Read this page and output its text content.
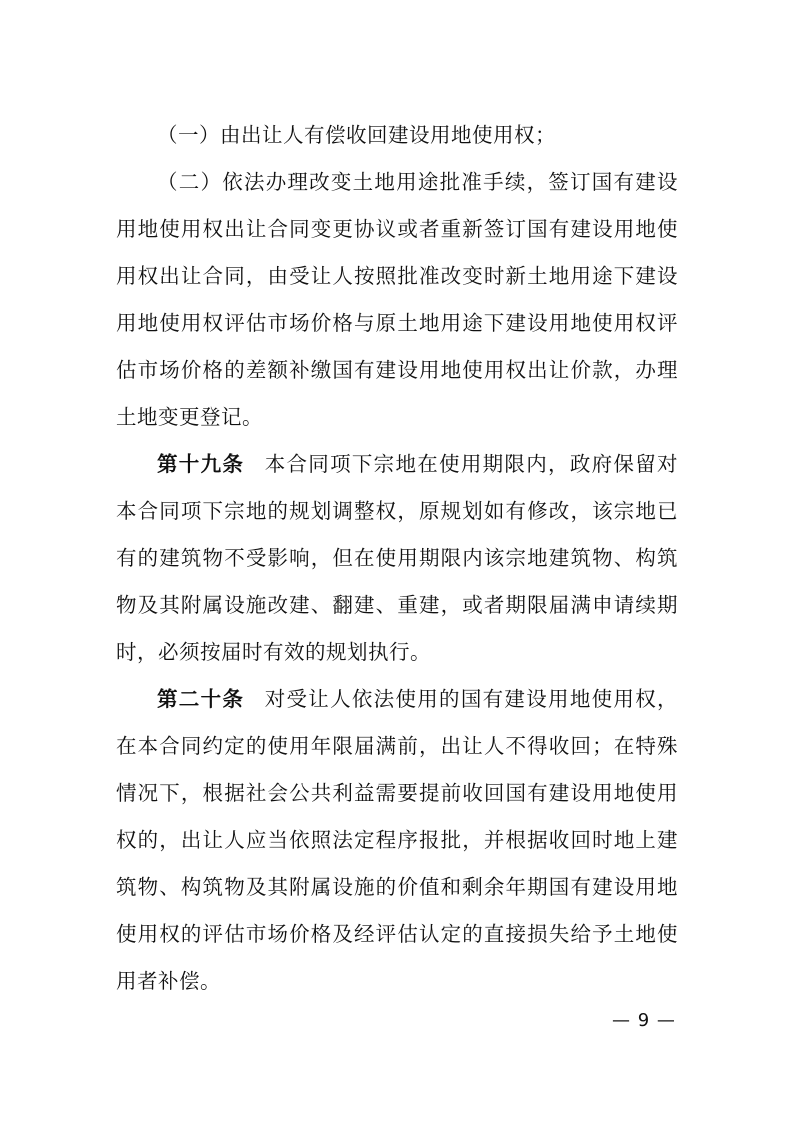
（一）由出让人有偿收回建设用地使用权；

（二）依法办理改变土地用途批准手续，签订国有建设用地使用权出让合同变更协议或者重新签订国有建设用地使用权出让合同，由受让人按照批准改变时新土地用途下建设用地使用权评估市场价格与原土地用途下建设用地使用权评估市场价格的差额补缴国有建设用地使用权出让价款，办理土地变更登记。

第十九条 本合同项下宗地在使用期限内，政府保留对本合同项下宗地的规划调整权，原规划如有修改，该宗地已有的建筑物不受影响，但在使用期限内该宗地建筑物、构筑物及其附属设施改建、翻建、重建，或者期限届满申请续期时，必须按届时有效的规划执行。

第二十条 对受让人依法使用的国有建设用地使用权，在本合同约定的使用年限届满前，出让人不得收回；在特殊情况下，根据社会公共利益需要提前收回国有建设用地使用权的，出让人应当依照法定程序报批，并根据收回时地上建筑物、构筑物及其附属设施的价值和剩余年期国有建设用地使用权的评估市场价格及经评估认定的直接损失给予土地使用者补偿。

— 9 —
